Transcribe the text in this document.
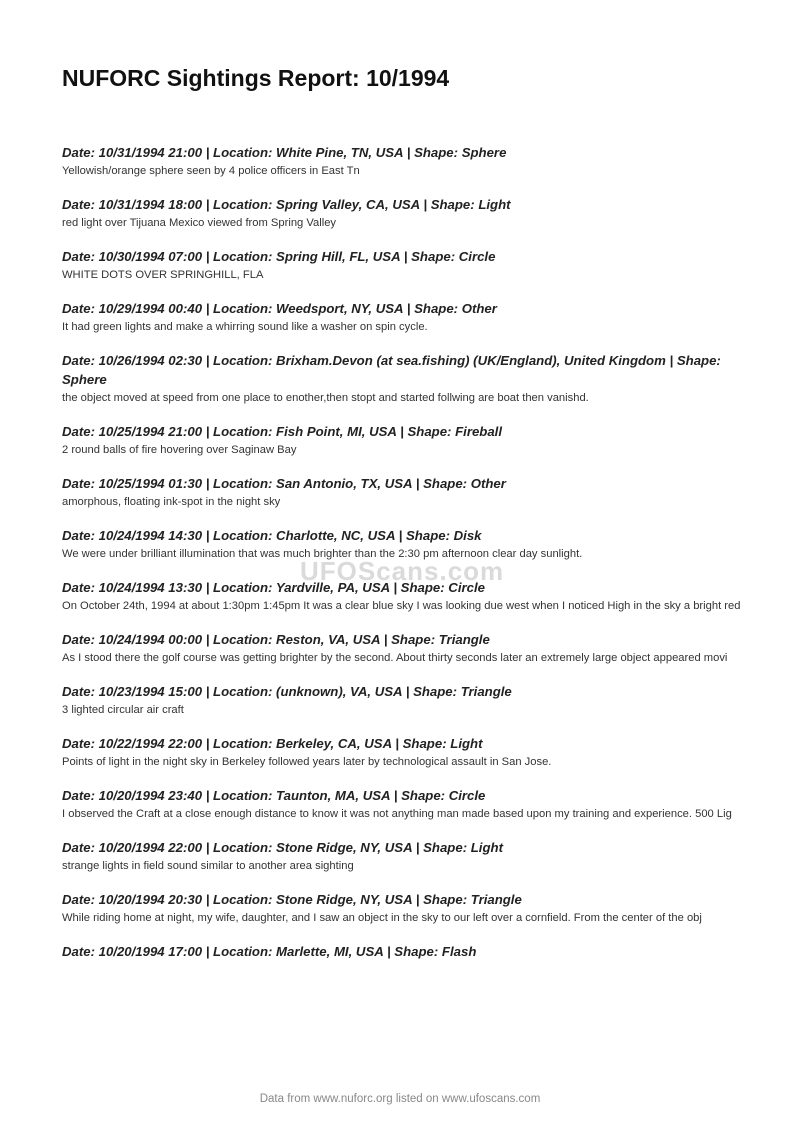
NUFORC Sightings Report: 10/1994
Date: 10/31/1994 21:00 | Location: White Pine, TN, USA | Shape: Sphere
Yellowish/orange sphere seen by 4 police officers in East Tn
Date: 10/31/1994 18:00 | Location: Spring Valley, CA, USA | Shape: Light
red light over Tijuana Mexico viewed from Spring Valley
Date: 10/30/1994 07:00 | Location: Spring Hill, FL, USA | Shape: Circle
WHITE DOTS OVER SPRINGHILL, FLA
Date: 10/29/1994 00:40 | Location: Weedsport, NY, USA | Shape: Other
It had green lights and make a whirring sound like a washer on spin cycle.
Date: 10/26/1994 02:30 | Location: Brixham.Devon (at sea.fishing) (UK/England), United Kingdom | Shape: Sphere
the object moved at speed from one place to enother,then stopt and started follwing are boat then vanishd.
Date: 10/25/1994 21:00 | Location: Fish Point, MI, USA | Shape: Fireball
2 round balls of fire hovering over Saginaw Bay
Date: 10/25/1994 01:30 | Location: San Antonio, TX, USA | Shape: Other
amorphous, floating ink-spot in the night sky
Date: 10/24/1994 14:30 | Location: Charlotte, NC, USA | Shape: Disk
We were under brilliant illumination that was much brighter than the 2:30 pm afternoon clear day sunlight.
Date: 10/24/1994 13:30 | Location: Yardville, PA, USA | Shape: Circle
On October 24th, 1994 at about 1:30pm 1:45pm It was a clear blue sky I was looking due west when I noticed High in the sky a bright red
Date: 10/24/1994 00:00 | Location: Reston, VA, USA | Shape: Triangle
As I stood there the golf course was getting brighter by the second. About thirty seconds later an extremely large object appeared movi
Date: 10/23/1994 15:00 | Location: (unknown), VA, USA | Shape: Triangle
3 lighted circular air craft
Date: 10/22/1994 22:00 | Location: Berkeley, CA, USA | Shape: Light
Points of light in the night sky in Berkeley followed years later by technological assault in San Jose.
Date: 10/20/1994 23:40 | Location: Taunton, MA, USA | Shape: Circle
I observed the Craft at a close enough distance to know it was not anything man made based upon my training and experience. 500 Lig
Date: 10/20/1994 22:00 | Location: Stone Ridge, NY, USA | Shape: Light
strange lights in field sound similar to another area sighting
Date: 10/20/1994 20:30 | Location: Stone Ridge, NY, USA | Shape: Triangle
While riding home at night, my wife, daughter, and I saw an object in the sky to our left over a cornfield. From the center of the obj
Date: 10/20/1994 17:00 | Location: Marlette, MI, USA | Shape: Flash
UFOScans.com
Data from www.nuforc.org listed on www.ufoscans.com
